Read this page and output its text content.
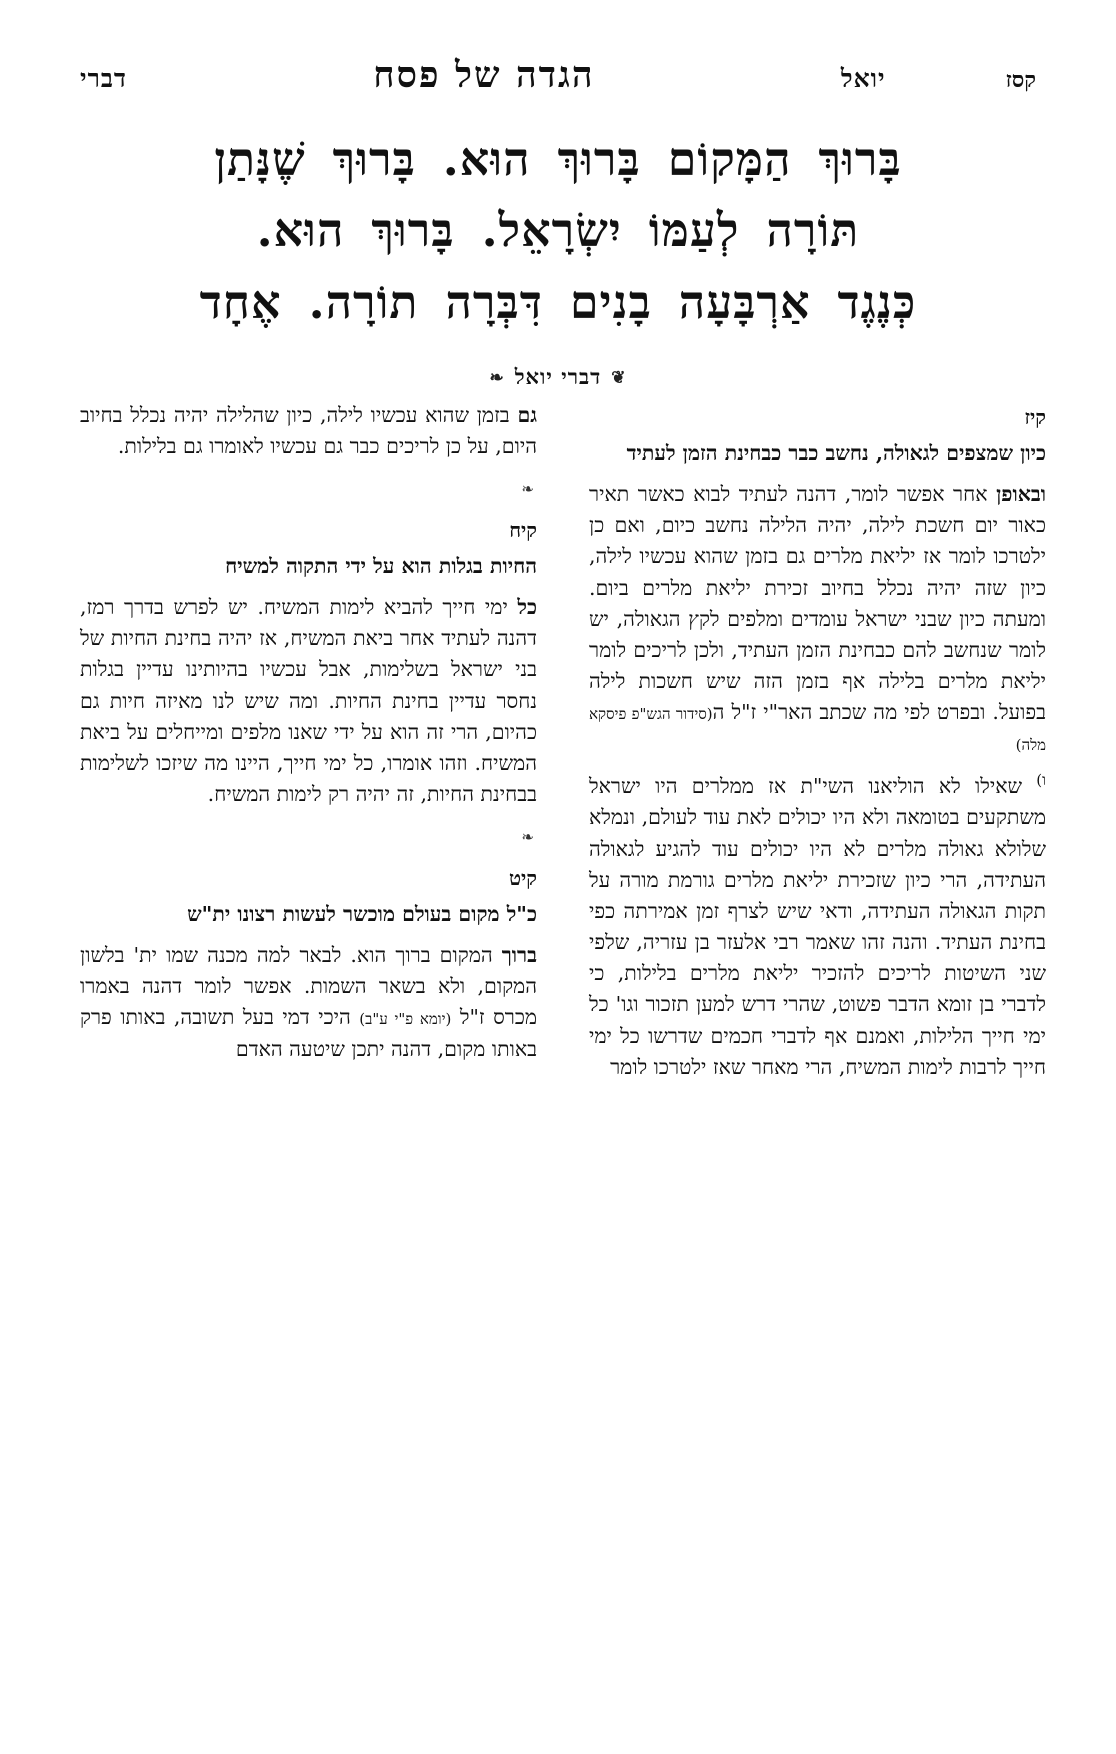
דברי	הגדה של פסח	יואל	קסז
בָּרוּךְ הַמָּקוֹם בָּרוּךְ הוּא. בָּרוּךְ שֶׁנָּתַן
תּוֹרָה לְעַמּוֹ יִשְׂרָאֵל. בָּרוּךְ הוּא.
כְּנֶגֶד אַרְבָּעָה בָנִים דִּבְּרָה תוֹרָה. אֶחָד
❦דברי יואל❧
קיז
כיון שמצפים לגאולה, נחשב כבר כבחינת הזמן לעתיד

ובאופן אחר אפשר לומר, דהנה לעתיד לבוא כאשר תאיר כאור יום חשכת לילה, יהיה הלילה נחשב כיום, ואם כן ילטרכו לומר אז יליאת מלרים גם בזמן שהוא עכשיו לילה, כיון שזה יהיה נכלל בחיוב זכירת יליאת מלרים ביום. ומעתה כיון שבני ישראל עומדים ומלפים לקץ הגאולה, יש לומר שנחשב להם כבחינת הזמן העתיד, ולכן לריכים לומר יליאת מלרים בלילה אף בזמן הזה שיש חשכות לילה בפועל. ובפרט לפי מה שכתב האר"י ז"ל ה(סידור הגש"פ פיסקא מלה)

$^{ו)}$ שאילו לא הוליאנו השי"ת אז ממלרים היו ישראל משתקעים בטומאה ולא היו יכולים לאת עוד לעולם, ונמלא שלולא גאולה מלרים לא היו יכולים עוד להגיע לגאולה העתידה, הרי כיון שזכירת יליאת מלרים גורמת מורה על תקות הגאולה העתידה, ודאי שיש לצרף זמן אמירתה כפי בחינת העתיד. והנה זהו שאמר רבי אלעזר בן עזריה, שלפי שני השיטות לריכים להזכיר יליאת מלרים בלילות, כי לדברי בן זומא הדבר פשוט, שהרי דרש למען תזכור וגו' כל ימי חייך הלילות, ואמנם אף לדברי חכמים שדרשו כל ימי חייך לרבות לימות המשיח, הרי מאחר שאז ילטרכו לומר

גם בזמן שהוא עכשיו לילה, כיון שהלילה יהיה נכלל בחיוב היום, על כן לריכים כבר גם עכשיו לאומרו גם בלילות.

❧
קיח
החיות בגלות הוא על ידי התקוה למשיח

כל ימי חייך להביא לימות המשיח. יש לפרש בדרך רמז, דהנה לעתיד אחר ביאת המשיח, אז יהיה בחינת החיות של בני ישראל בשלימות, אבל עכשיו בהיותינו עדיין בגלות נחסר עדיין בחינת החיות. ומה שיש לנו מאיזה חיות גם כהיום, הרי זה הוא על ידי שאנו מלפים ומייחלים על ביאת המשיח. וזהו אומרו, כל ימי חייך, היינו מה שיזכו לשלימות בבחינת החיות, זה יהיה רק לימות המשיח.

❧
קיט
כ"ל מקום בעולם מוכשר לעשות רצונו ית"ש

ברוך המקום ברוך הוא. לבאר למה מכנה שמו ית' בלשון המקום, ולא בשאר השמות. אפשר לומר דהנה באמרו מכרס ז"ל (יומא פ"י ע"ב) היכי דמי בעל תשובה, באותו פרק באותו מקום, דהנה יתכן שיטעה האדם
